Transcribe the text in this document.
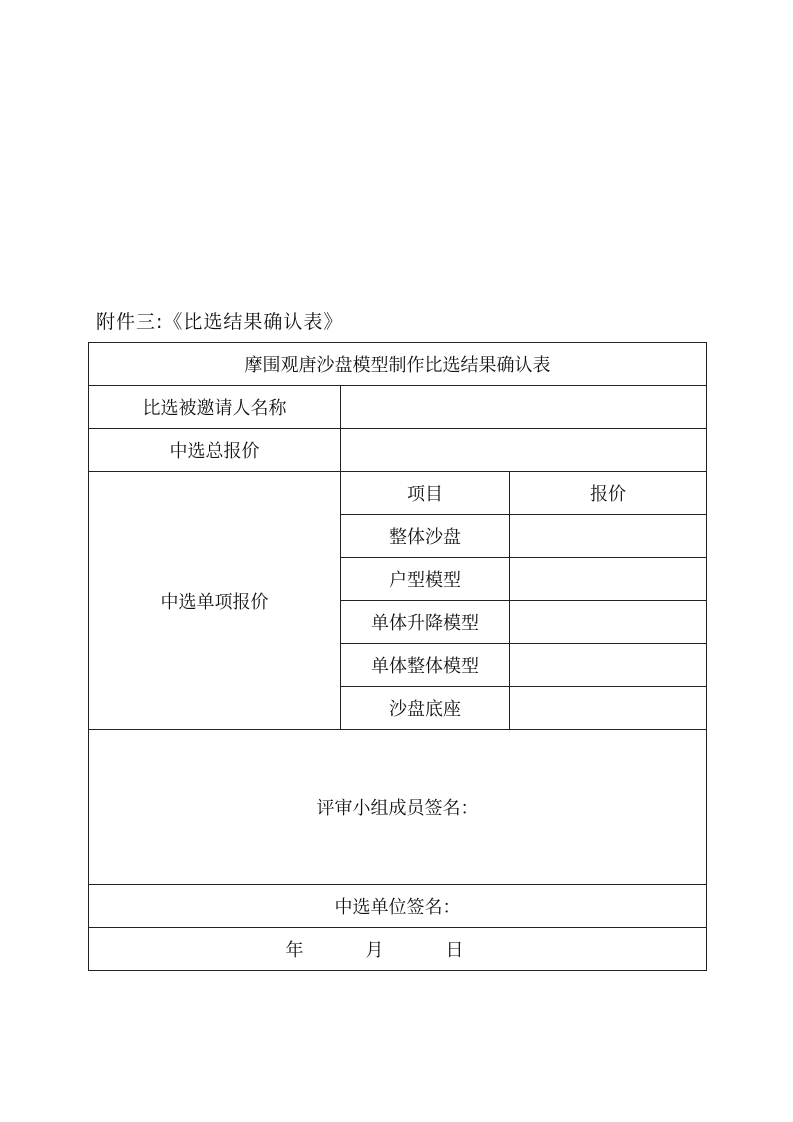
附件三:《比选结果确认表》
摩围观唐沙盘模型制作比选结果确认表		
比选被邀请人名称		
中选总报价		
中选单项报价	项目	报价
	整体沙盘	
	户型模型	
	单体升降模型	
	单体整体模型	
	沙盘底座	
评审小组成员签名：		
中选单位签名：		

年 月 日		
